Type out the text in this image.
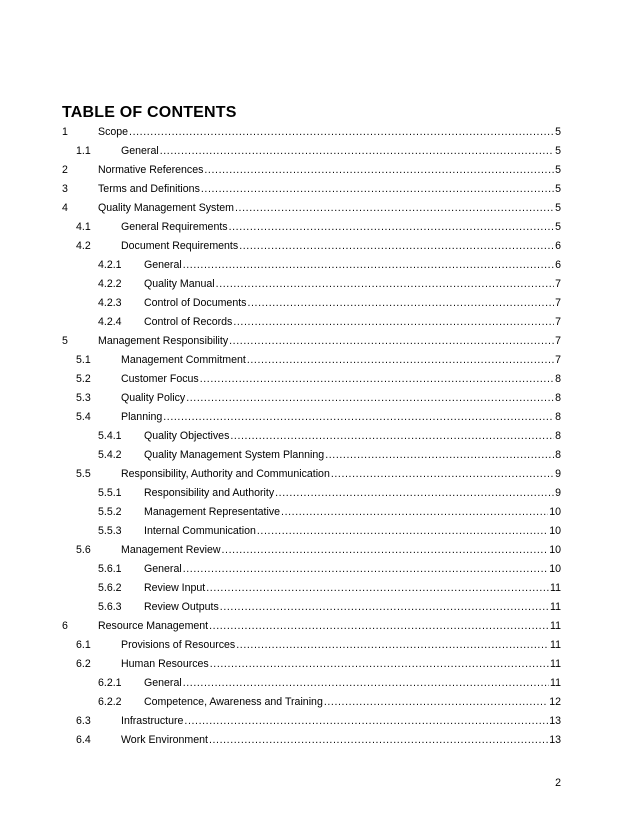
TABLE OF CONTENTS
1	Scope .....	5
1.1	General .....	5
2	Normative References .....	5
3	Terms and Definitions .....	5
4	Quality Management System .....	5
4.1	General Requirements .....	5
4.2	Document Requirements .....	6
4.2.1 General .....	6
4.2.2 Quality Manual .....	7
4.2.3 Control of Documents .....	7
4.2.4 Control of Records .....	7
5	Management Responsibility .....	7
5.1	Management Commitment .....	7
5.2	Customer Focus .....	8
5.3	Quality Policy .....	8
5.4	Planning .....	8
5.4.1 Quality Objectives .....	8
5.4.2 Quality Management System Planning .....	8
5.5	Responsibility, Authority and Communication .....	9
5.5.1 Responsibility and Authority .....	9
5.5.2 Management Representative .....	10
5.5.3 Internal Communication .....	10
5.6	Management Review .....	10
5.6.1 General .....	10
5.6.2 Review Input .....	11
5.6.3 Review Outputs .....	11
6	Resource Management .....	11
6.1	Provisions of Resources .....	11
6.2	Human Resources .....	11
6.2.1 General .....	11
6.2.2 Competence, Awareness and Training .....	12
6.3	Infrastructure .....	13
6.4	Work Environment .....	13
2
